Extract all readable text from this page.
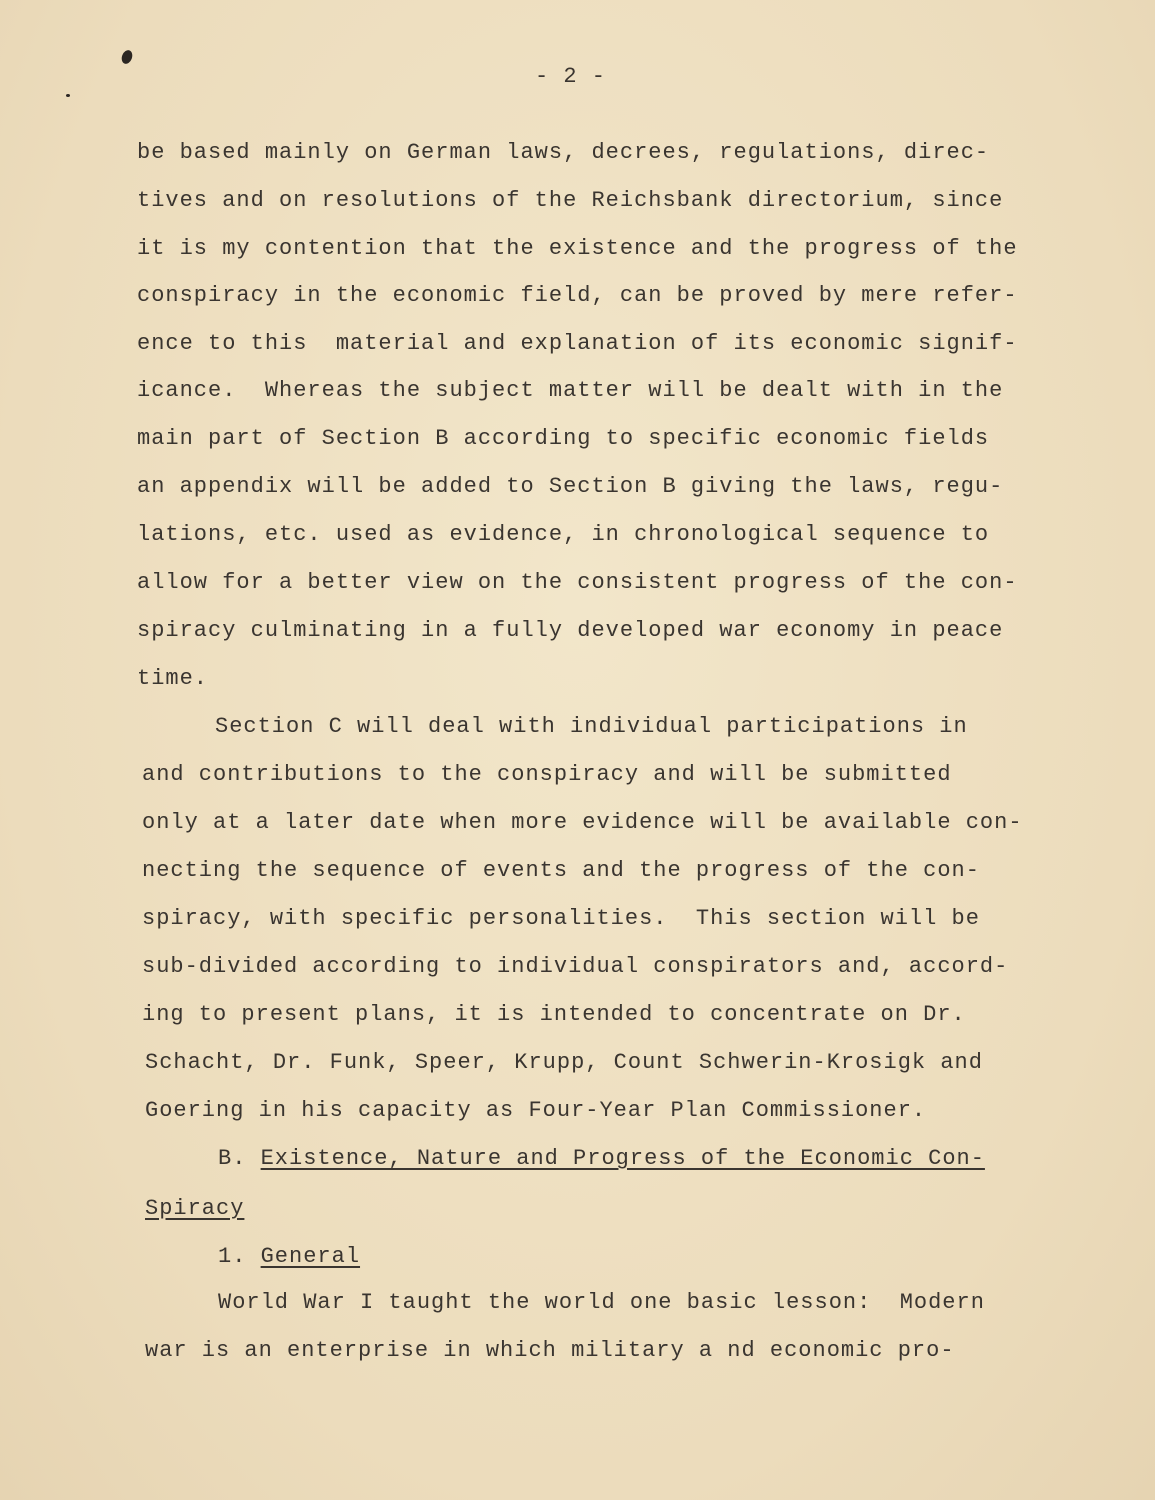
- 2 -
be based mainly on German laws, decrees, regulations, direc-
tives and on resolutions of the Reichsbank directorium, since
it is my contention that the existence and the progress of the
conspiracy in the economic field, can be proved by mere refer-
ence to this  material and explanation of its economic signif-
icance.  Whereas the subject matter will be dealt with in the
main part of Section B according to specific economic fields
an appendix will be added to Section B giving the laws, regu-
lations, etc. used as evidence, in chronological sequence to
allow for a better view on the consistent progress of the con-
spiracy culminating in a fully developed war economy in peace
time.
Section C will deal with individual participations in
and contributions to the conspiracy and will be submitted
only at a later date when more evidence will be available con-
necting the sequence of events and the progress of the con-
spiracy, with specific personalities.  This section will be
sub-divided according to individual conspirators and, accord-
ing to present plans, it is intended to concentrate on Dr.
Schacht, Dr. Funk, Speer, Krupp, Count Schwerin-Krosigk and
Goering in his capacity as Four-Year Plan Commissioner.
B. Existence, Nature and Progress of the Economic Con-
Spiracy
1. General
World War I taught the world one basic lesson:  Modern
war is an enterprise in which military a nd economic pro-
